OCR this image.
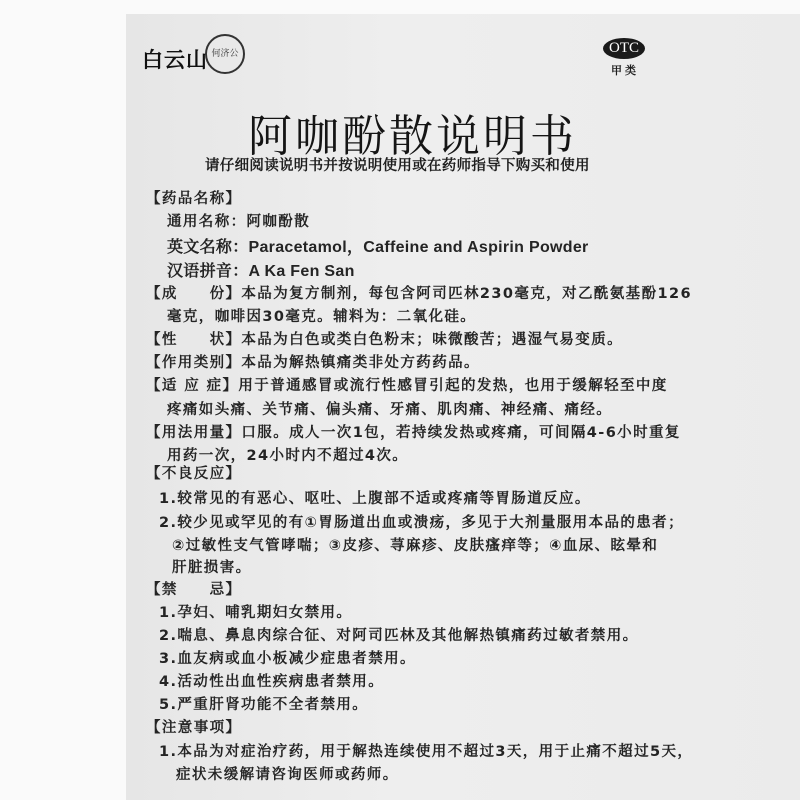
白云山 何济公	OTC
甲类
阿咖酚散说明书
请仔细阅读说明书并按说明使用或在药师指导下购买和使用
【药品名称】
通用名称：阿咖酚散
英文名称：Paracetamol，Caffeine and Aspirin Powder
汉语拼音：A Ka Fen San
【成　　份】本品为复方制剂，每包含阿司匹林230毫克，对乙酰氨基酚126
毫克，咖啡因30毫克。辅料为：二氧化硅。
【性　　状】本品为白色或类白色粉末；味微酸苦；遇湿气易变质。
【作用类别】本品为解热镇痛类非处方药药品。
【适 应 症】用于普通感冒或流行性感冒引起的发热，也用于缓解轻至中度
疼痛如头痛、关节痛、偏头痛、牙痛、肌肉痛、神经痛、痛经。
【用法用量】口服。成人一次1包，若持续发热或疼痛，可间隔4-6小时重复
用药一次，24小时内不超过4次。
【不良反应】
1.较常见的有恶心、呕吐、上腹部不适或疼痛等胃肠道反应。
2.较少见或罕见的有①胃肠道出血或溃疡，多见于大剂量服用本品的患者；
②过敏性支气管哮喘；③皮疹、荨麻疹、皮肤瘙痒等；④血尿、眩晕和
肝脏损害。
【禁　　忌】
1.孕妇、哺乳期妇女禁用。
2.喘息、鼻息肉综合征、对阿司匹林及其他解热镇痛药过敏者禁用。
3.血友病或血小板减少症患者禁用。
4.活动性出血性疾病患者禁用。
5.严重肝肾功能不全者禁用。
【注意事项】
1.本品为对症治疗药，用于解热连续使用不超过3天，用于止痛不超过5天，
症状未缓解请咨询医师或药师。
